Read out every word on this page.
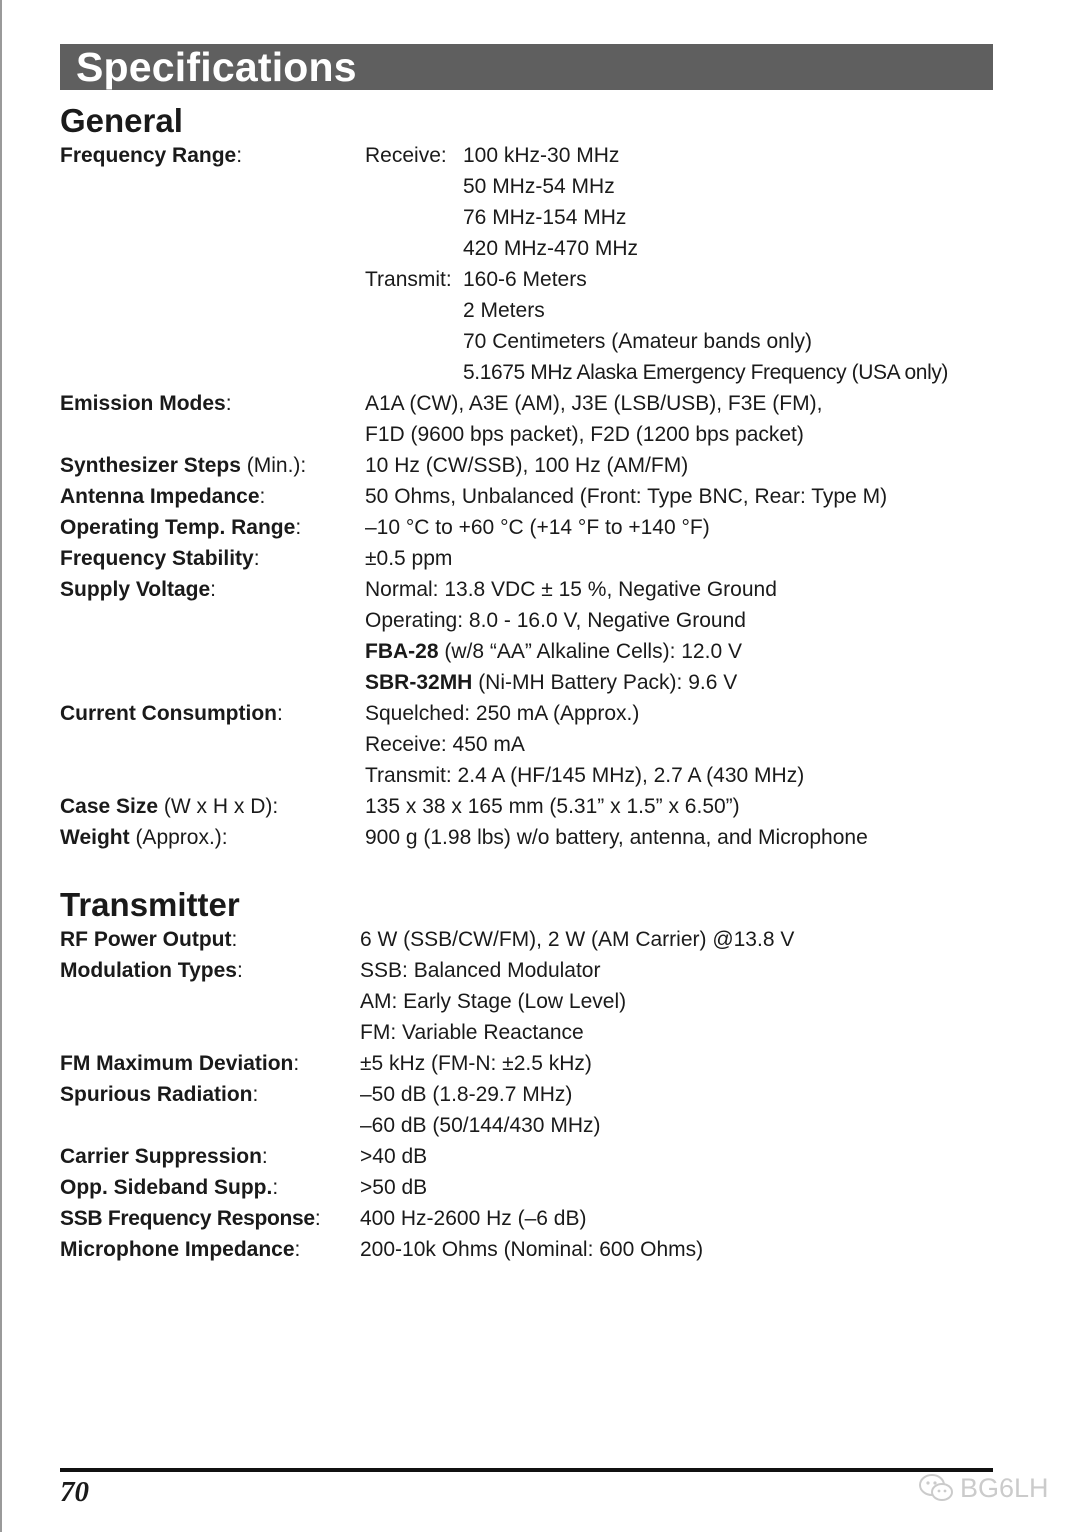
Specifications
General
Frequency Range:	Receive: 100 kHz-30 MHz
50 MHz-54 MHz
76 MHz-154 MHz
420 MHz-470 MHz
Transmit: 160-6 Meters
2 Meters
70 Centimeters (Amateur bands only)
5.1675 MHz Alaska Emergency Frequency (USA only)
Emission Modes:	A1A (CW), A3E (AM), J3E (LSB/USB), F3E (FM),
F1D (9600 bps packet), F2D (1200 bps packet)
Synthesizer Steps (Min.):	10 Hz (CW/SSB), 100 Hz (AM/FM)
Antenna Impedance:	50 Ohms, Unbalanced (Front: Type BNC, Rear: Type M)
Operating Temp. Range:	–10 °C to +60 °C (+14 °F to +140 °F)
Frequency Stability:	±0.5 ppm
Supply Voltage:	Normal: 13.8 VDC ± 15 %, Negative Ground
Operating: 8.0 - 16.0 V, Negative Ground
FBA-28 (w/8 “AA” Alkaline Cells): 12.0 V
SBR-32MH (Ni-MH Battery Pack): 9.6 V
Current Consumption:	Squelched: 250 mA (Approx.)
Receive: 450 mA
Transmit: 2.4 A (HF/145 MHz), 2.7 A (430 MHz)
Case Size (W x H x D):	135 x 38 x 165 mm (5.31” x 1.5” x 6.50”)
Weight (Approx.):	900 g (1.98 lbs) w/o battery, antenna, and Microphone
Transmitter
RF Power Output:	6 W (SSB/CW/FM), 2 W (AM Carrier) @13.8 V
Modulation Types:	SSB: Balanced Modulator
AM: Early Stage (Low Level)
FM: Variable Reactance
FM Maximum Deviation:	±5 kHz (FM-N: ±2.5 kHz)
Spurious Radiation:	–50 dB (1.8-29.7 MHz)
–60 dB (50/144/430 MHz)
Carrier Suppression:	>40 dB
Opp. Sideband Supp.:	>50 dB
SSB Frequency Response: 400 Hz-2600 Hz (–6 dB)
Microphone Impedance:	200-10k Ohms (Nominal: 600 Ohms)
70	BG6LH
